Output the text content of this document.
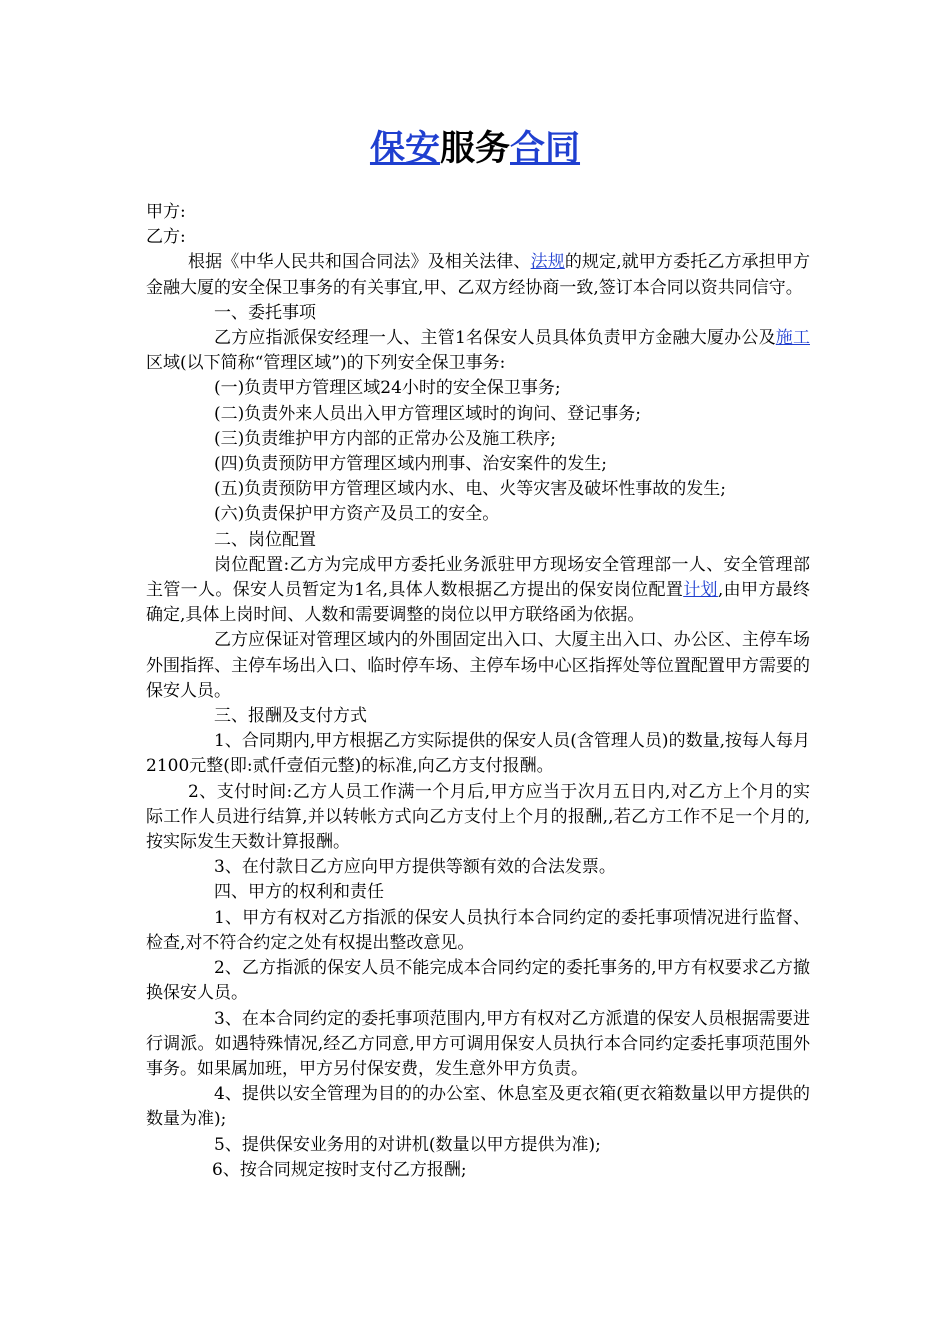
保安服务合同

甲方:

乙方:

根据《中华人民共和国合同法》及相关法律、法规的规定,就甲方委托乙方承担甲方金融大厦的安全保卫事务的有关事宜,甲、乙双方经协商一致,签订本合同以资共同信守。

一、委托事项

乙方应指派保安经理一人、主管1名保安人员具体负责甲方金融大厦办公及施工区域(以下简称“管理区域”)的下列安全保卫事务:

(一)负责甲方管理区域24小时的安全保卫事务;

(二)负责外来人员出入甲方管理区域时的询问、登记事务;

(三)负责维护甲方内部的正常办公及施工秩序;

(四)负责预防甲方管理区域内刑事、治安案件的发生;

(五)负责预防甲方管理区域内水、电、火等灾害及破坏性事故的发生;

(六)负责保护甲方资产及员工的安全。

二、岗位配置

岗位配置:乙方为完成甲方委托业务派驻甲方现场安全管理部一人、安全管理部主管一人。保安人员暂定为1名,具体人数根据乙方提出的保安岗位配置计划,由甲方最终确定,具体上岗时间、人数和需要调整的岗位以甲方联络函为依据。

乙方应保证对管理区域内的外围固定出入口、大厦主出入口、办公区、主停车场外围指挥、主停车场出入口、临时停车场、主停车场中心区指挥处等位置配置甲方需要的保安人员。

三、报酬及支付方式

1、合同期内,甲方根据乙方实际提供的保安人员(含管理人员)的数量,按每人每月2100元整(即:贰仟壹佰元整)的标准,向乙方支付报酬。

2、支付时间:乙方人员工作满一个月后,甲方应当于次月五日内,对乙方上个月的实际工作人员进行结算,并以转帐方式向乙方支付上个月的报酬,,若乙方工作不足一个月的,按实际发生天数计算报酬。

3、在付款日乙方应向甲方提供等额有效的合法发票。

四、甲方的权利和责任

1、甲方有权对乙方指派的保安人员执行本合同约定的委托事项情况进行监督、检查,对不符合约定之处有权提出整改意见。

2、乙方指派的保安人员不能完成本合同约定的委托事务的,甲方有权要求乙方撤换保安人员。

3、在本合同约定的委托事项范围内,甲方有权对乙方派遣的保安人员根据需要进行调派。如遇特殊情况,经乙方同意,甲方可调用保安人员执行本合同约定委托事项范围外事务。如果属加班，甲方另付保安费，发生意外甲方负责。

4、提供以安全管理为目的的办公室、休息室及更衣箱(更衣箱数量以甲方提供的数量为准);

5、提供保安业务用的对讲机(数量以甲方提供为准);

6、按合同规定按时支付乙方报酬;
